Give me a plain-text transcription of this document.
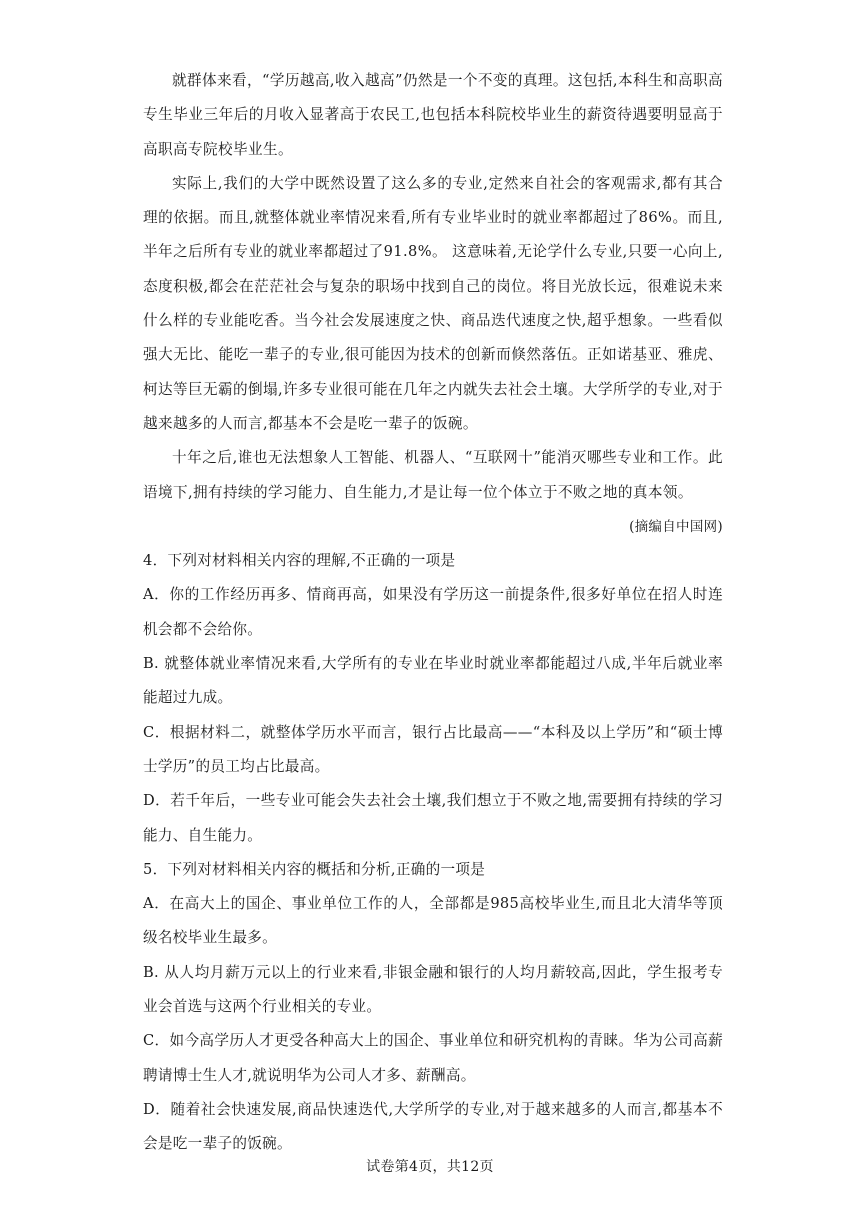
就群体来看，“学历越高,收入越高”仍然是一个不变的真理。这包括,本科生和高职高专生毕业三年后的月收入显著高于农民工,也包括本科院校毕业生的薪资待遇要明显高于高职高专院校毕业生。

实际上,我们的大学中既然设置了这么多的专业,定然来自社会的客观需求,都有其合理的依据。而且,就整体就业率情况来看,所有专业毕业时的就业率都超过了86%。而且,半年之后所有专业的就业率都超过了91.8%。 这意味着,无论学什么专业,只要一心向上,态度积极,都会在茫茫社会与复杂的职场中找到自己的岗位。将目光放长远，很难说未来什么样的专业能吃香。当今社会发展速度之快、商品迭代速度之快,超乎想象。一些看似强大无比、能吃一辈子的专业,很可能因为技术的创新而倏然落伍。正如诺基亚、雅虎、柯达等巨无霸的倒塌,许多专业很可能在几年之内就失去社会土壤。大学所学的专业,对于越来越多的人而言,都基本不会是吃一辈子的饭碗。

十年之后,谁也无法想象人工智能、机器人、“互联网十”能消灭哪些专业和工作。此语境下,拥有持续的学习能力、自生能力,才是让每一位个体立于不败之地的真本领。

(摘编自中国网)

4．下列对材料相关内容的理解,不正确的一项是

A．你的工作经历再多、情商再高，如果没有学历这一前提条件,很多好单位在招人时连机会都不会给你。

B. 就整体就业率情况来看,大学所有的专业在毕业时就业率都能超过八成,半年后就业率能超过九成。

C．根据材料二，就整体学历水平而言，银行占比最高——“本科及以上学历”和“硕士博士学历”的员工均占比最高。

D．若千年后，一些专业可能会失去社会土壤,我们想立于不败之地,需要拥有持续的学习能力、自生能力。

5．下列对材料相关内容的概括和分析,正确的一项是

A．在高大上的国企、事业单位工作的人，全部都是985高校毕业生,而且北大清华等顶级名校毕业生最多。

B. 从人均月薪万元以上的行业来看,非银金融和银行的人均月薪较高,因此，学生报考专业会首选与这两个行业相关的专业。

C．如今高学历人才更受各种高大上的国企、事业单位和研究机构的青睐。华为公司高薪聘请博士生人才,就说明华为公司人才多、薪酬高。

D．随着社会快速发展,商品快速迭代,大学所学的专业,对于越来越多的人而言,都基本不会是吃一辈子的饭碗。

试卷第4页，共12页
